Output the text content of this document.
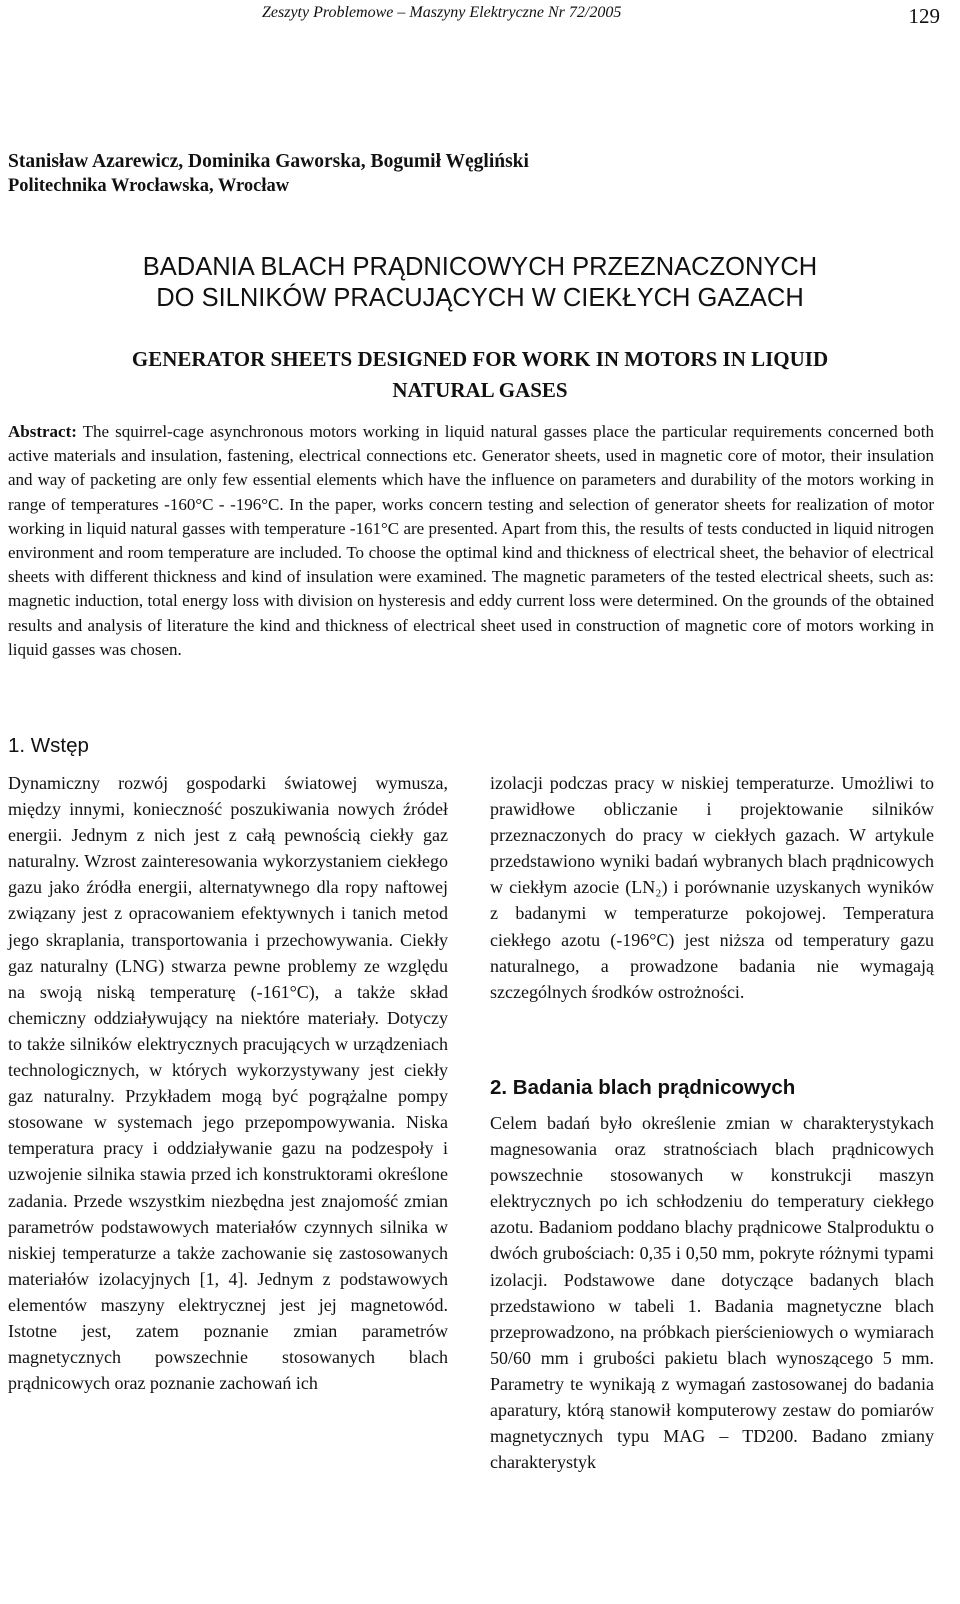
Zeszyty Problemowe – Maszyny Elektryczne Nr 72/2005	129
Stanisław Azarewicz, Dominika Gaworska, Bogumił Węgliński
Politechnika Wrocławska, Wrocław
BADANIA BLACH PRĄDNICOWYCH PRZEZNACZONYCH
DO SILNIKÓW PRACUJĄCYCH W CIEKŁYCH GAZACH
GENERATOR SHEETS DESIGNED FOR WORK IN MOTORS IN LIQUID
NATURAL GASES
Abstract: The squirrel-cage asynchronous motors working in liquid natural gasses place the particular requirements concerned both active materials and insulation, fastening, electrical connections etc. Generator sheets, used in magnetic core of motor, their insulation and way of packeting are only few essential elements which have the influence on parameters and durability of the motors working in range of temperatures -160°C - -196°C. In the paper, works concern testing and selection of generator sheets for realization of motor working in liquid natural gasses with temperature -161°C are presented. Apart from this, the results of tests conducted in liquid nitrogen environment and room temperature are included. To choose the optimal kind and thickness of electrical sheet, the behavior of electrical sheets with different thickness and kind of insulation were examined. The magnetic parameters of the tested electrical sheets, such as: magnetic induction, total energy loss with division on hysteresis and eddy current loss were determined. On the grounds of the obtained results and analysis of literature the kind and thickness of electrical sheet used in construction of magnetic core of motors working in liquid gasses was chosen.
1. Wstęp
Dynamiczny rozwój gospodarki światowej wymusza, między innymi, konieczność poszukiwania nowych źródeł energii. Jednym z nich jest z całą pewnością ciekły gaz naturalny. Wzrost zainteresowania wykorzystaniem ciekłego gazu jako źródła energii, alternatywnego dla ropy naftowej związany jest z opracowaniem efektywnych i tanich metod jego skraplania, transportowania i przechowywania. Ciekły gaz naturalny (LNG) stwarza pewne problemy ze względu na swoją niską temperaturę (-161°C), a także skład chemiczny oddziaływujący na niektóre materiały. Dotyczy to także silników elektrycznych pracujących w urządzeniach technologicznych, w których wykorzystywany jest ciekły gaz naturalny. Przykładem mogą być pogrążalne pompy stosowane w systemach jego przepompowywania. Niska temperatura pracy i oddziaływanie gazu na podzespoły i uzwojenie silnika stawia przed ich konstruktorami określone zadania. Przede wszystkim niezbędna jest znajomość zmian parametrów podstawowych materiałów czynnych silnika w niskiej temperaturze a także zachowanie się zastosowanych materiałów izolacyjnych [1, 4]. Jednym z podstawowych elementów maszyny elektrycznej jest jej magnetowód. Istotne jest, zatem poznanie zmian parametrów magnetycznych powszechnie stosowanych blach prądnicowych oraz poznanie zachowań ich
izolacji podczas pracy w niskiej temperaturze. Umożliwi to prawidłowe obliczanie i projektowanie silników przeznaczonych do pracy w ciekłych gazach. W artykule przedstawiono wyniki badań wybranych blach prądnicowych w ciekłym azocie (LN₂) i porównanie uzyskanych wyników z badanymi w temperaturze pokojowej. Temperatura ciekłego azotu (-196°C) jest niższa od temperatury gazu naturalnego, a prowadzone badania nie wymagają szczególnych środków ostrożności.
2. Badania blach prądnicowych
Celem badań było określenie zmian w charakterystykach magnesowania oraz stratnościach blach prądnicowych powszechnie stosowanych w konstrukcji maszyn elektrycznych po ich schłodzeniu do temperatury ciekłego azotu. Badaniom poddano blachy prądnicowe Stalproduktu o dwóch grubościach: 0,35 i 0,50 mm, pokryte różnymi typami izolacji. Podstawowe dane dotyczące badanych blach przedstawiono w tabeli 1. Badania magnetyczne blach przeprowadzono, na próbkach pierścieniowych o wymiarach 50/60 mm i grubości pakietu blach wynoszącego 5 mm. Parametry te wynikają z wymagań zastosowanej do badania aparatury, którą stanowił komputerowy zestaw do pomiarów magnetycznych typu MAG – TD200. Badano zmiany charakterystyk
